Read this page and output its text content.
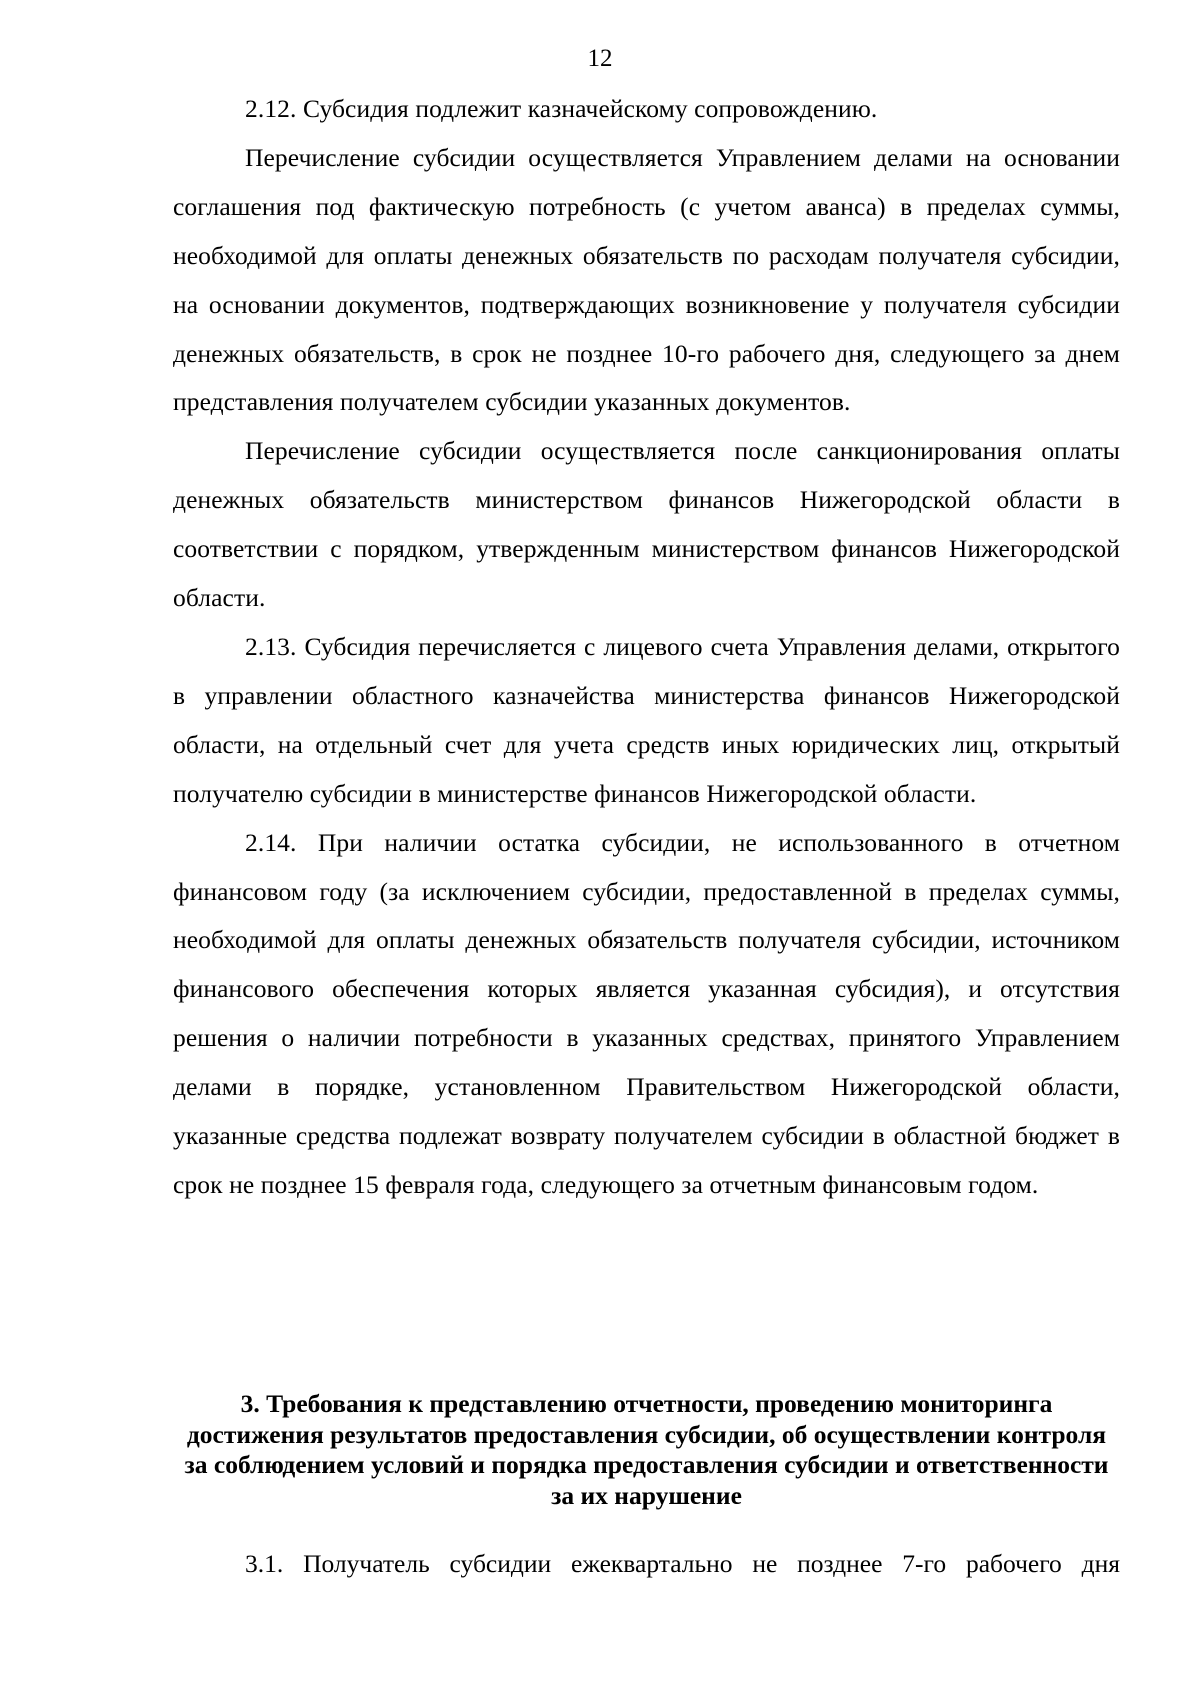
12

2.12. Субсидия подлежит казначейскому сопровождению.

Перечисление субсидии осуществляется Управлением делами на основании соглашения под фактическую потребность (с учетом аванса) в пределах суммы, необходимой для оплаты денежных обязательств по расходам получателя субсидии, на основании документов, подтверждающих возникновение у получателя субсидии денежных обязательств, в срок не позднее 10-го рабочего дня, следующего за днем представления получателем субсидии указанных документов.

Перечисление субсидии осуществляется после санкционирования оплаты денежных обязательств министерством финансов Нижегородской области в соответствии с порядком, утвержденным министерством финансов Нижегородской области.

2.13. Субсидия перечисляется с лицевого счета Управления делами, открытого в управлении областного казначейства министерства финансов Нижегородской области, на отдельный счет для учета средств иных юридических лиц, открытый получателю субсидии в министерстве финансов Нижегородской области.

2.14. При наличии остатка субсидии, не использованного в отчетном финансовом году (за исключением субсидии, предоставленной в пределах суммы, необходимой для оплаты денежных обязательств получателя субсидии, источником финансового обеспечения которых является указанная субсидия), и отсутствия решения о наличии потребности в указанных средствах, принятого Управлением делами в порядке, установленном Правительством Нижегородской области, указанные средства подлежат возврату получателем субсидии в областной бюджет в срок не позднее 15 февраля года, следующего за отчетным финансовым годом.

3. Требования к представлению отчетности, проведению мониторинга достижения результатов предоставления субсидии, об осуществлении контроля за соблюдением условий и порядка предоставления субсидии и ответственности за их нарушение

3.1. Получатель субсидии ежеквартально не позднее 7-го рабочего дня
